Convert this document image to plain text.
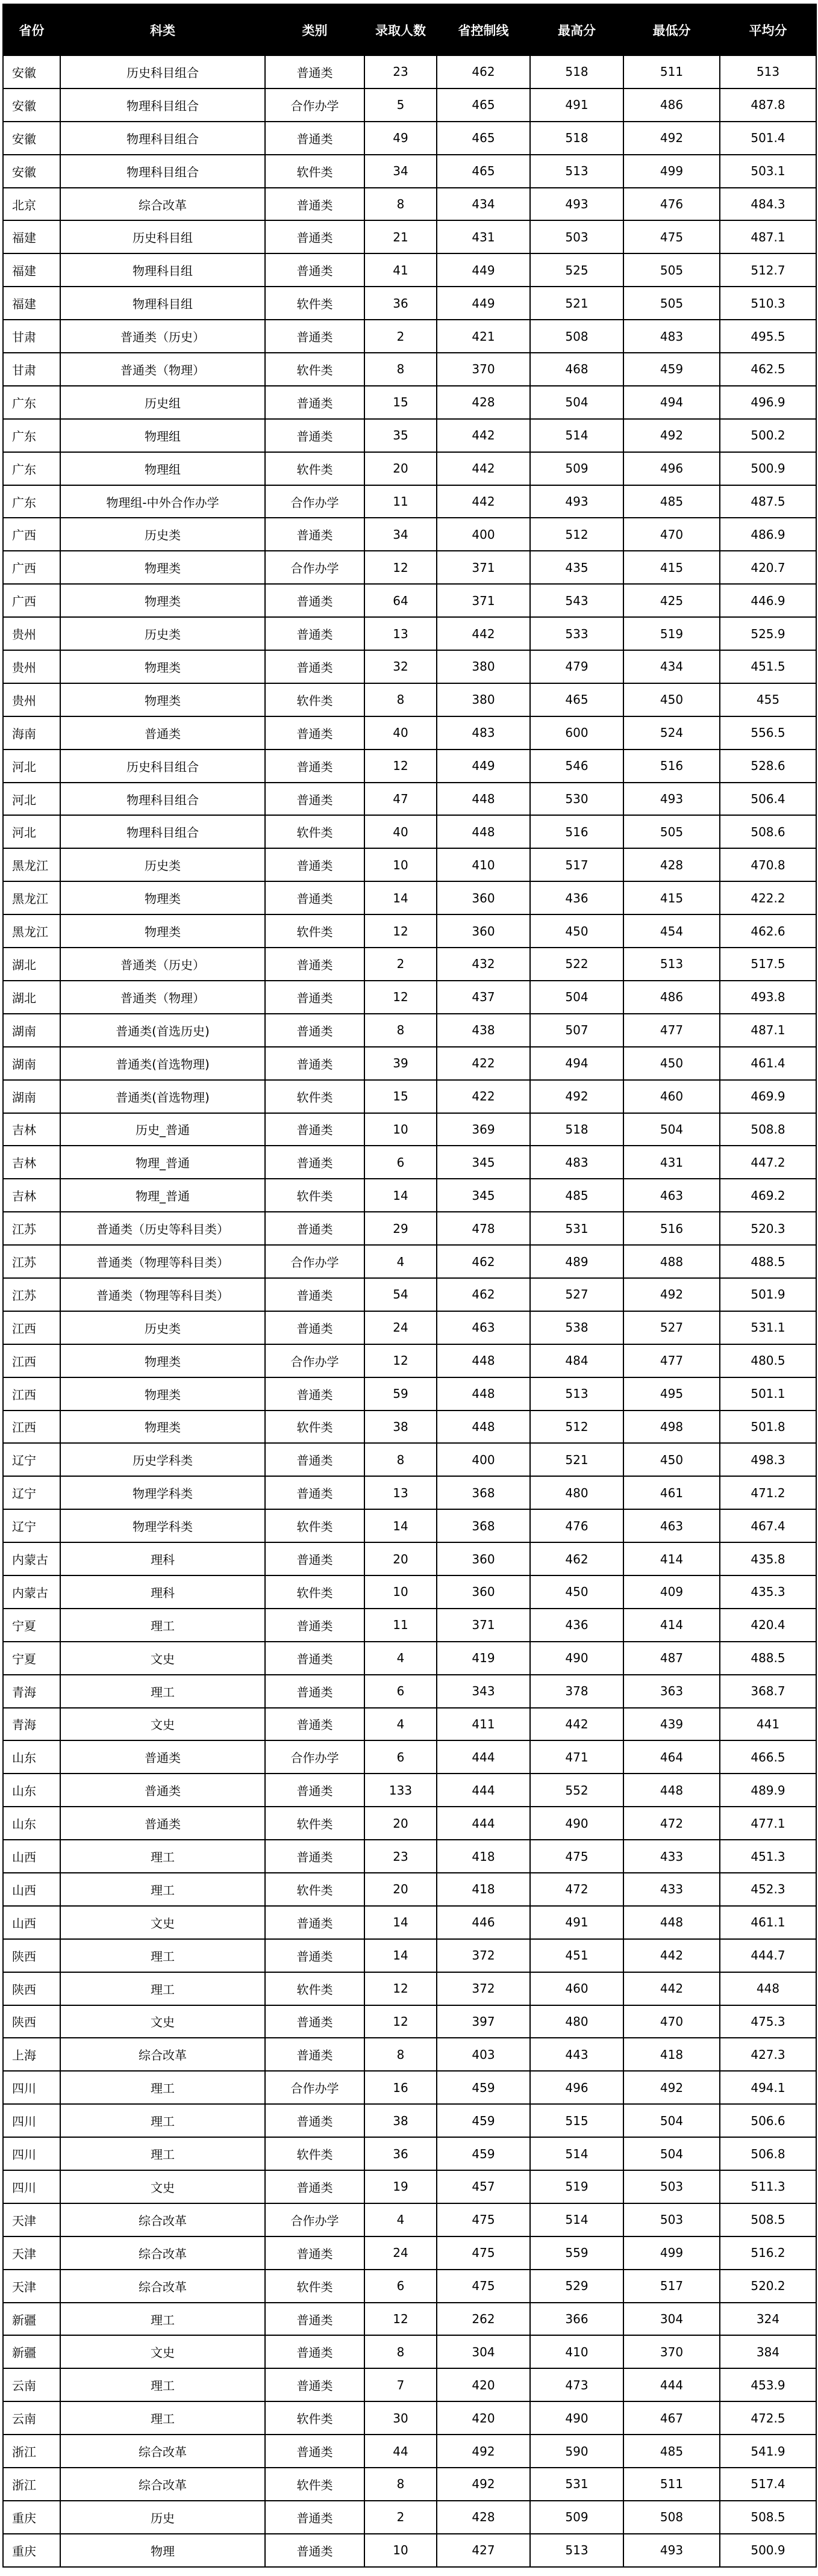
省份	科类	类别	录取人数	省控制线	最高分	最低分	平均分
安徽	历史科目组合	普通类	23	462	518	511	513
安徽	物理科目组合	合作办学	5	465	491	486	487.8
安徽	物理科目组合	普通类	49	465	518	492	501.4
安徽	物理科目组合	软件类	34	465	513	499	503.1
北京	综合改革	普通类	8	434	493	476	484.3
福建	历史科目组	普通类	21	431	503	475	487.1
福建	物理科目组	普通类	41	449	525	505	512.7
福建	物理科目组	软件类	36	449	521	505	510.3
甘肃	普通类（历史）	普通类	2	421	508	483	495.5
甘肃	普通类（物理）	软件类	8	370	468	459	462.5
广东	历史组	普通类	15	428	504	494	496.9
广东	物理组	普通类	35	442	514	492	500.2
广东	物理组	软件类	20	442	509	496	500.9
广东	物理组-中外合作办学	合作办学	11	442	493	485	487.5
广西	历史类	普通类	34	400	512	470	486.9
广西	物理类	合作办学	12	371	435	415	420.7
广西	物理类	普通类	64	371	543	425	446.9
贵州	历史类	普通类	13	442	533	519	525.9
贵州	物理类	普通类	32	380	479	434	451.5
贵州	物理类	软件类	8	380	465	450	455
海南	普通类	普通类	40	483	600	524	556.5
河北	历史科目组合	普通类	12	449	546	516	528.6
河北	物理科目组合	普通类	47	448	530	493	506.4
河北	物理科目组合	软件类	40	448	516	505	508.6
黑龙江	历史类	普通类	10	410	517	428	470.8
黑龙江	物理类	普通类	14	360	436	415	422.2
黑龙江	物理类	软件类	12	360	450	454	462.6
湖北	普通类（历史）	普通类	2	432	522	513	517.5
湖北	普通类（物理）	普通类	12	437	504	486	493.8
湖南	普通类(首选历史)	普通类	8	438	507	477	487.1
湖南	普通类(首选物理)	普通类	39	422	494	450	461.4
湖南	普通类(首选物理)	软件类	15	422	492	460	469.9
吉林	历史_普通	普通类	10	369	518	504	508.8
吉林	物理_普通	普通类	6	345	483	431	447.2
吉林	物理_普通	软件类	14	345	485	463	469.2
江苏	普通类（历史等科目类）	普通类	29	478	531	516	520.3
江苏	普通类（物理等科目类）	合作办学	4	462	489	488	488.5
江苏	普通类（物理等科目类）	普通类	54	462	527	492	501.9
江西	历史类	普通类	24	463	538	527	531.1
江西	物理类	合作办学	12	448	484	477	480.5
江西	物理类	普通类	59	448	513	495	501.1
江西	物理类	软件类	38	448	512	498	501.8
辽宁	历史学科类	普通类	8	400	521	450	498.3
辽宁	物理学科类	普通类	13	368	480	461	471.2
辽宁	物理学科类	软件类	14	368	476	463	467.4
内蒙古	理科	普通类	20	360	462	414	435.8
内蒙古	理科	软件类	10	360	450	409	435.3
宁夏	理工	普通类	11	371	436	414	420.4
宁夏	文史	普通类	4	419	490	487	488.5
青海	理工	普通类	6	343	378	363	368.7
青海	文史	普通类	4	411	442	439	441
山东	普通类	合作办学	6	444	471	464	466.5
山东	普通类	普通类	133	444	552	448	489.9
山东	普通类	软件类	20	444	490	472	477.1
山西	理工	普通类	23	418	475	433	451.3
山西	理工	软件类	20	418	472	433	452.3
山西	文史	普通类	14	446	491	448	461.1
陕西	理工	普通类	14	372	451	442	444.7
陕西	理工	软件类	12	372	460	442	448
陕西	文史	普通类	12	397	480	470	475.3
上海	综合改革	普通类	8	403	443	418	427.3
四川	理工	合作办学	16	459	496	492	494.1
四川	理工	普通类	38	459	515	504	506.6
四川	理工	软件类	36	459	514	504	506.8
四川	文史	普通类	19	457	519	503	511.3
天津	综合改革	合作办学	4	475	514	503	508.5
天津	综合改革	普通类	24	475	559	499	516.2
天津	综合改革	软件类	6	475	529	517	520.2
新疆	理工	普通类	12	262	366	304	324
新疆	文史	普通类	8	304	410	370	384
云南	理工	普通类	7	420	473	444	453.9
云南	理工	软件类	30	420	490	467	472.5
浙江	综合改革	普通类	44	492	590	485	541.9
浙江	综合改革	软件类	8	492	531	511	517.4
重庆	历史	普通类	2	428	509	508	508.5
重庆	物理	普通类	10	427	513	493	500.9
